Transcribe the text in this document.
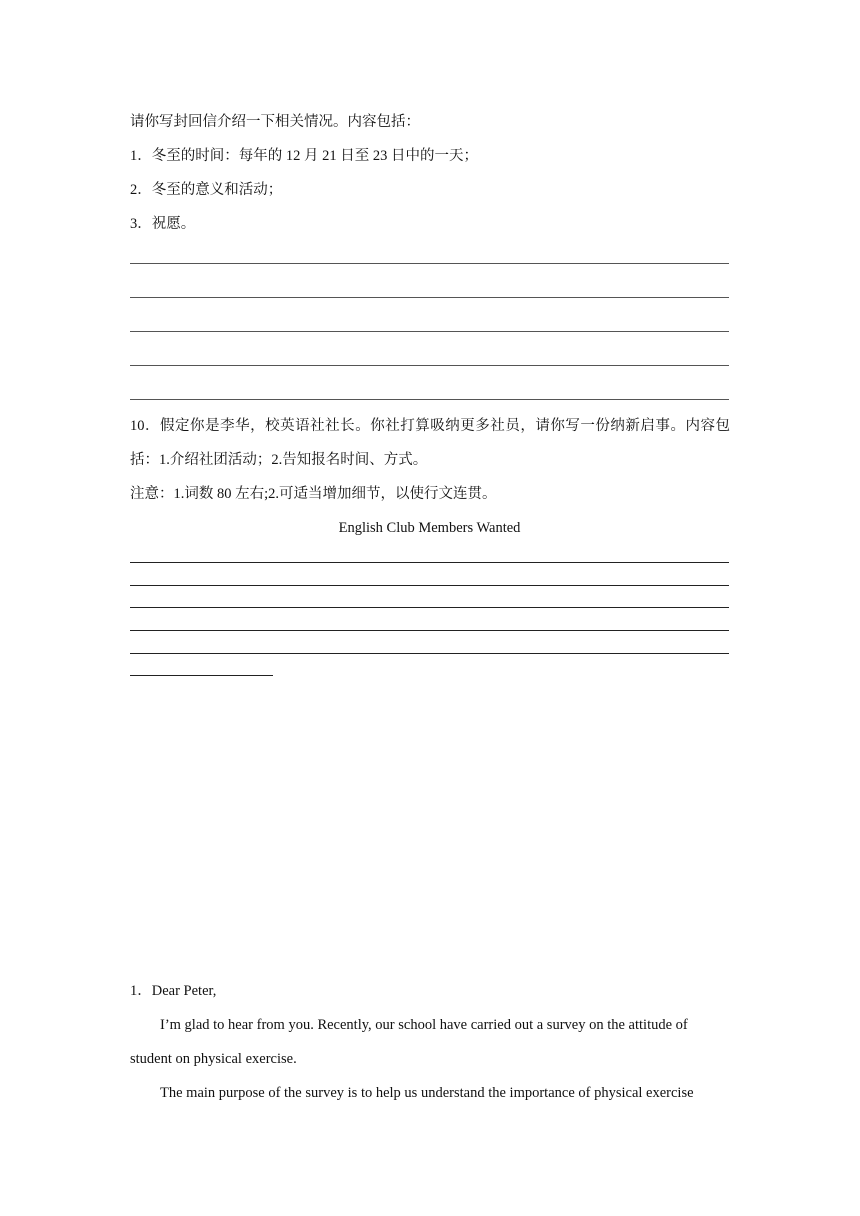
请你写封回信介绍一下相关情况。内容包括：
1．冬至的时间：每年的 12 月 21 日至 23 日中的一天；
2．冬至的意义和活动；
3．祝愿。
10．假定你是李华，校英语社社长。你社打算吸纳更多社员，请你写一份纳新启事。内容包
括：1.介绍社团活动；2.告知报名时间、方式。
注意：1.词数 80 左右;2.可适当增加细节，以使行文连贯。
English Club Members Wanted
1．Dear Peter,
I’m glad to hear from you. Recently, our school have carried out a survey on the attitude of
student on physical exercise.
The main purpose of the survey is to help us understand the importance of physical exercise
